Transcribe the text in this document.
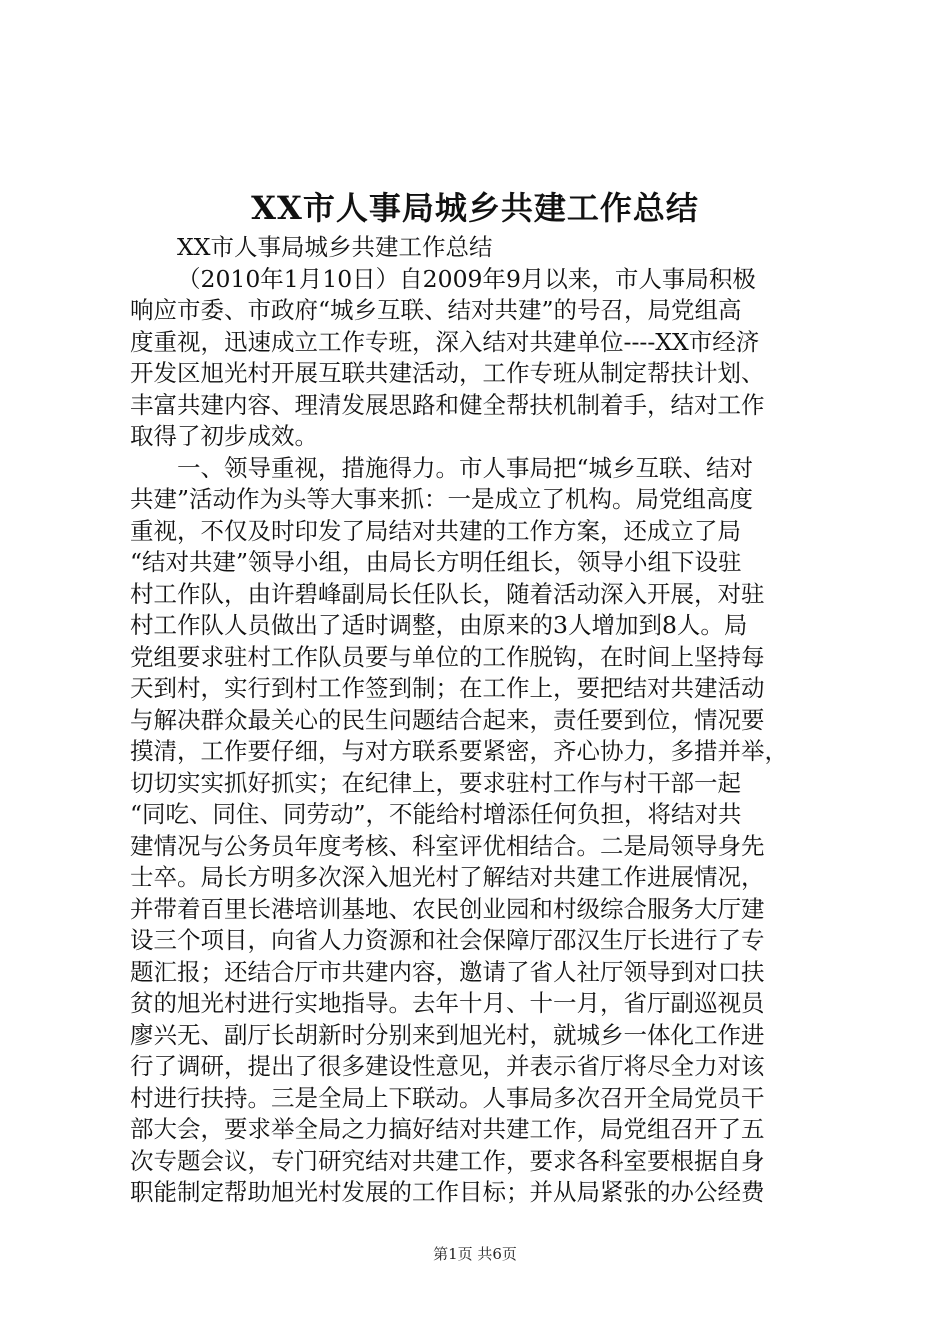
XX市人事局城乡共建工作总结
XX市人事局城乡共建工作总结
（2010年1月10日）自2009年9月以来，市人事局积极
响应市委、市政府“城乡互联、结对共建”的号召，局党组高
度重视，迅速成立工作专班，深入结对共建单位----XX市经济
开发区旭光村开展互联共建活动，工作专班从制定帮扶计划、
丰富共建内容、理清发展思路和健全帮扶机制着手，结对工作
取得了初步成效。
一、领导重视，措施得力。市人事局把“城乡互联、结对
共建”活动作为头等大事来抓：一是成立了机构。局党组高度
重视，不仅及时印发了局结对共建的工作方案，还成立了局
“结对共建”领导小组，由局长方明任组长，领导小组下设驻
村工作队，由许碧峰副局长任队长，随着活动深入开展，对驻
村工作队人员做出了适时调整，由原来的3人增加到8人。局
党组要求驻村工作队员要与单位的工作脱钩，在时间上坚持每
天到村，实行到村工作签到制；在工作上，要把结对共建活动
与解决群众最关心的民生问题结合起来，责任要到位，情况要
摸清，工作要仔细，与对方联系要紧密，齐心协力，多措并举，
切切实实抓好抓实；在纪律上，要求驻村工作与村干部一起
“同吃、同住、同劳动”，不能给村增添任何负担，将结对共
建情况与公务员年度考核、科室评优相结合。二是局领导身先
士卒。局长方明多次深入旭光村了解结对共建工作进展情况，
并带着百里长港培训基地、农民创业园和村级综合服务大厅建
设三个项目，向省人力资源和社会保障厅邵汉生厅长进行了专
题汇报；还结合厅市共建内容，邀请了省人社厅领导到对口扶
贫的旭光村进行实地指导。去年十月、十一月，省厅副巡视员
廖兴无、副厅长胡新时分别来到旭光村，就城乡一体化工作进
行了调研，提出了很多建设性意见，并表示省厅将尽全力对该
村进行扶持。三是全局上下联动。人事局多次召开全局党员干
部大会，要求举全局之力搞好结对共建工作，局党组召开了五
次专题会议，专门研究结对共建工作，要求各科室要根据自身
职能制定帮助旭光村发展的工作目标；并从局紧张的办公经费
第1页 共6页
